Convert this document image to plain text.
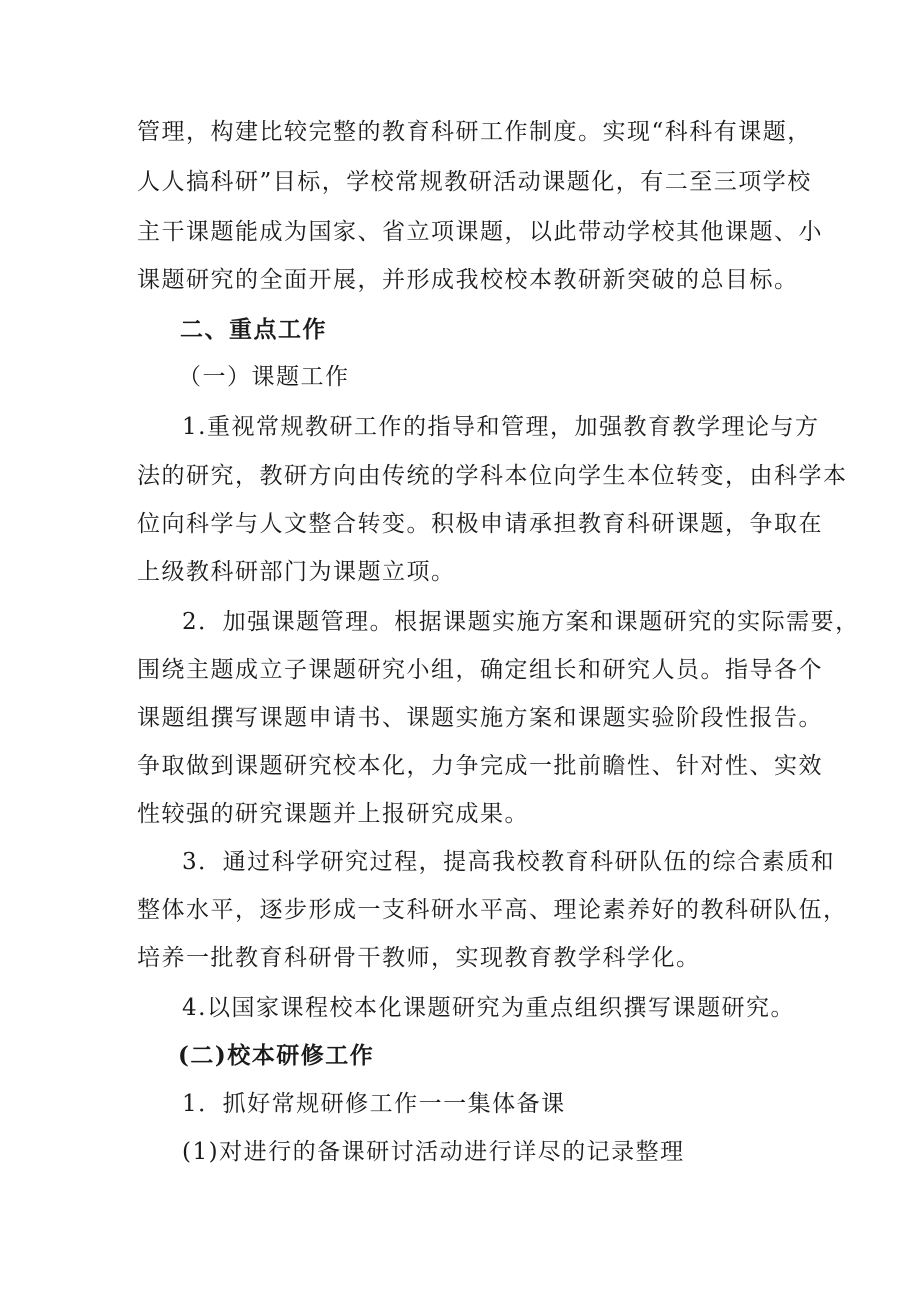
管理，构建比较完整的教育科研工作制度。实现“科科有课题，
人人搞科研”目标，学校常规教研活动课题化，有二至三项学校
主干课题能成为国家、省立项课题，以此带动学校其他课题、小
课题研究的全面开展，并形成我校校本教研新突破的总目标。
二、重点工作
（一）课题工作
1.重视常规教研工作的指导和管理，加强教育教学理论与方
法的研究，教研方向由传统的学科本位向学生本位转变，由科学本
位向科学与人文整合转变。积极申请承担教育科研课题，争取在
上级教科研部门为课题立项。
2．加强课题管理。根据课题实施方案和课题研究的实际需要，
围绕主题成立子课题研究小组，确定组长和研究人员。指导各个
课题组撰写课题申请书、课题实施方案和课题实验阶段性报告。
争取做到课题研究校本化，力争完成一批前瞻性、针对性、实效
性较强的研究课题并上报研究成果。
3．通过科学研究过程，提高我校教育科研队伍的综合素质和
整体水平，逐步形成一支科研水平高、理论素养好的教科研队伍，
培养一批教育科研骨干教师，实现教育教学科学化。
4.以国家课程校本化课题研究为重点组织撰写课题研究。
(二)校本研修工作
1．抓好常规研修工作一一集体备课
(1)对进行的备课研讨活动进行详尽的记录整理
